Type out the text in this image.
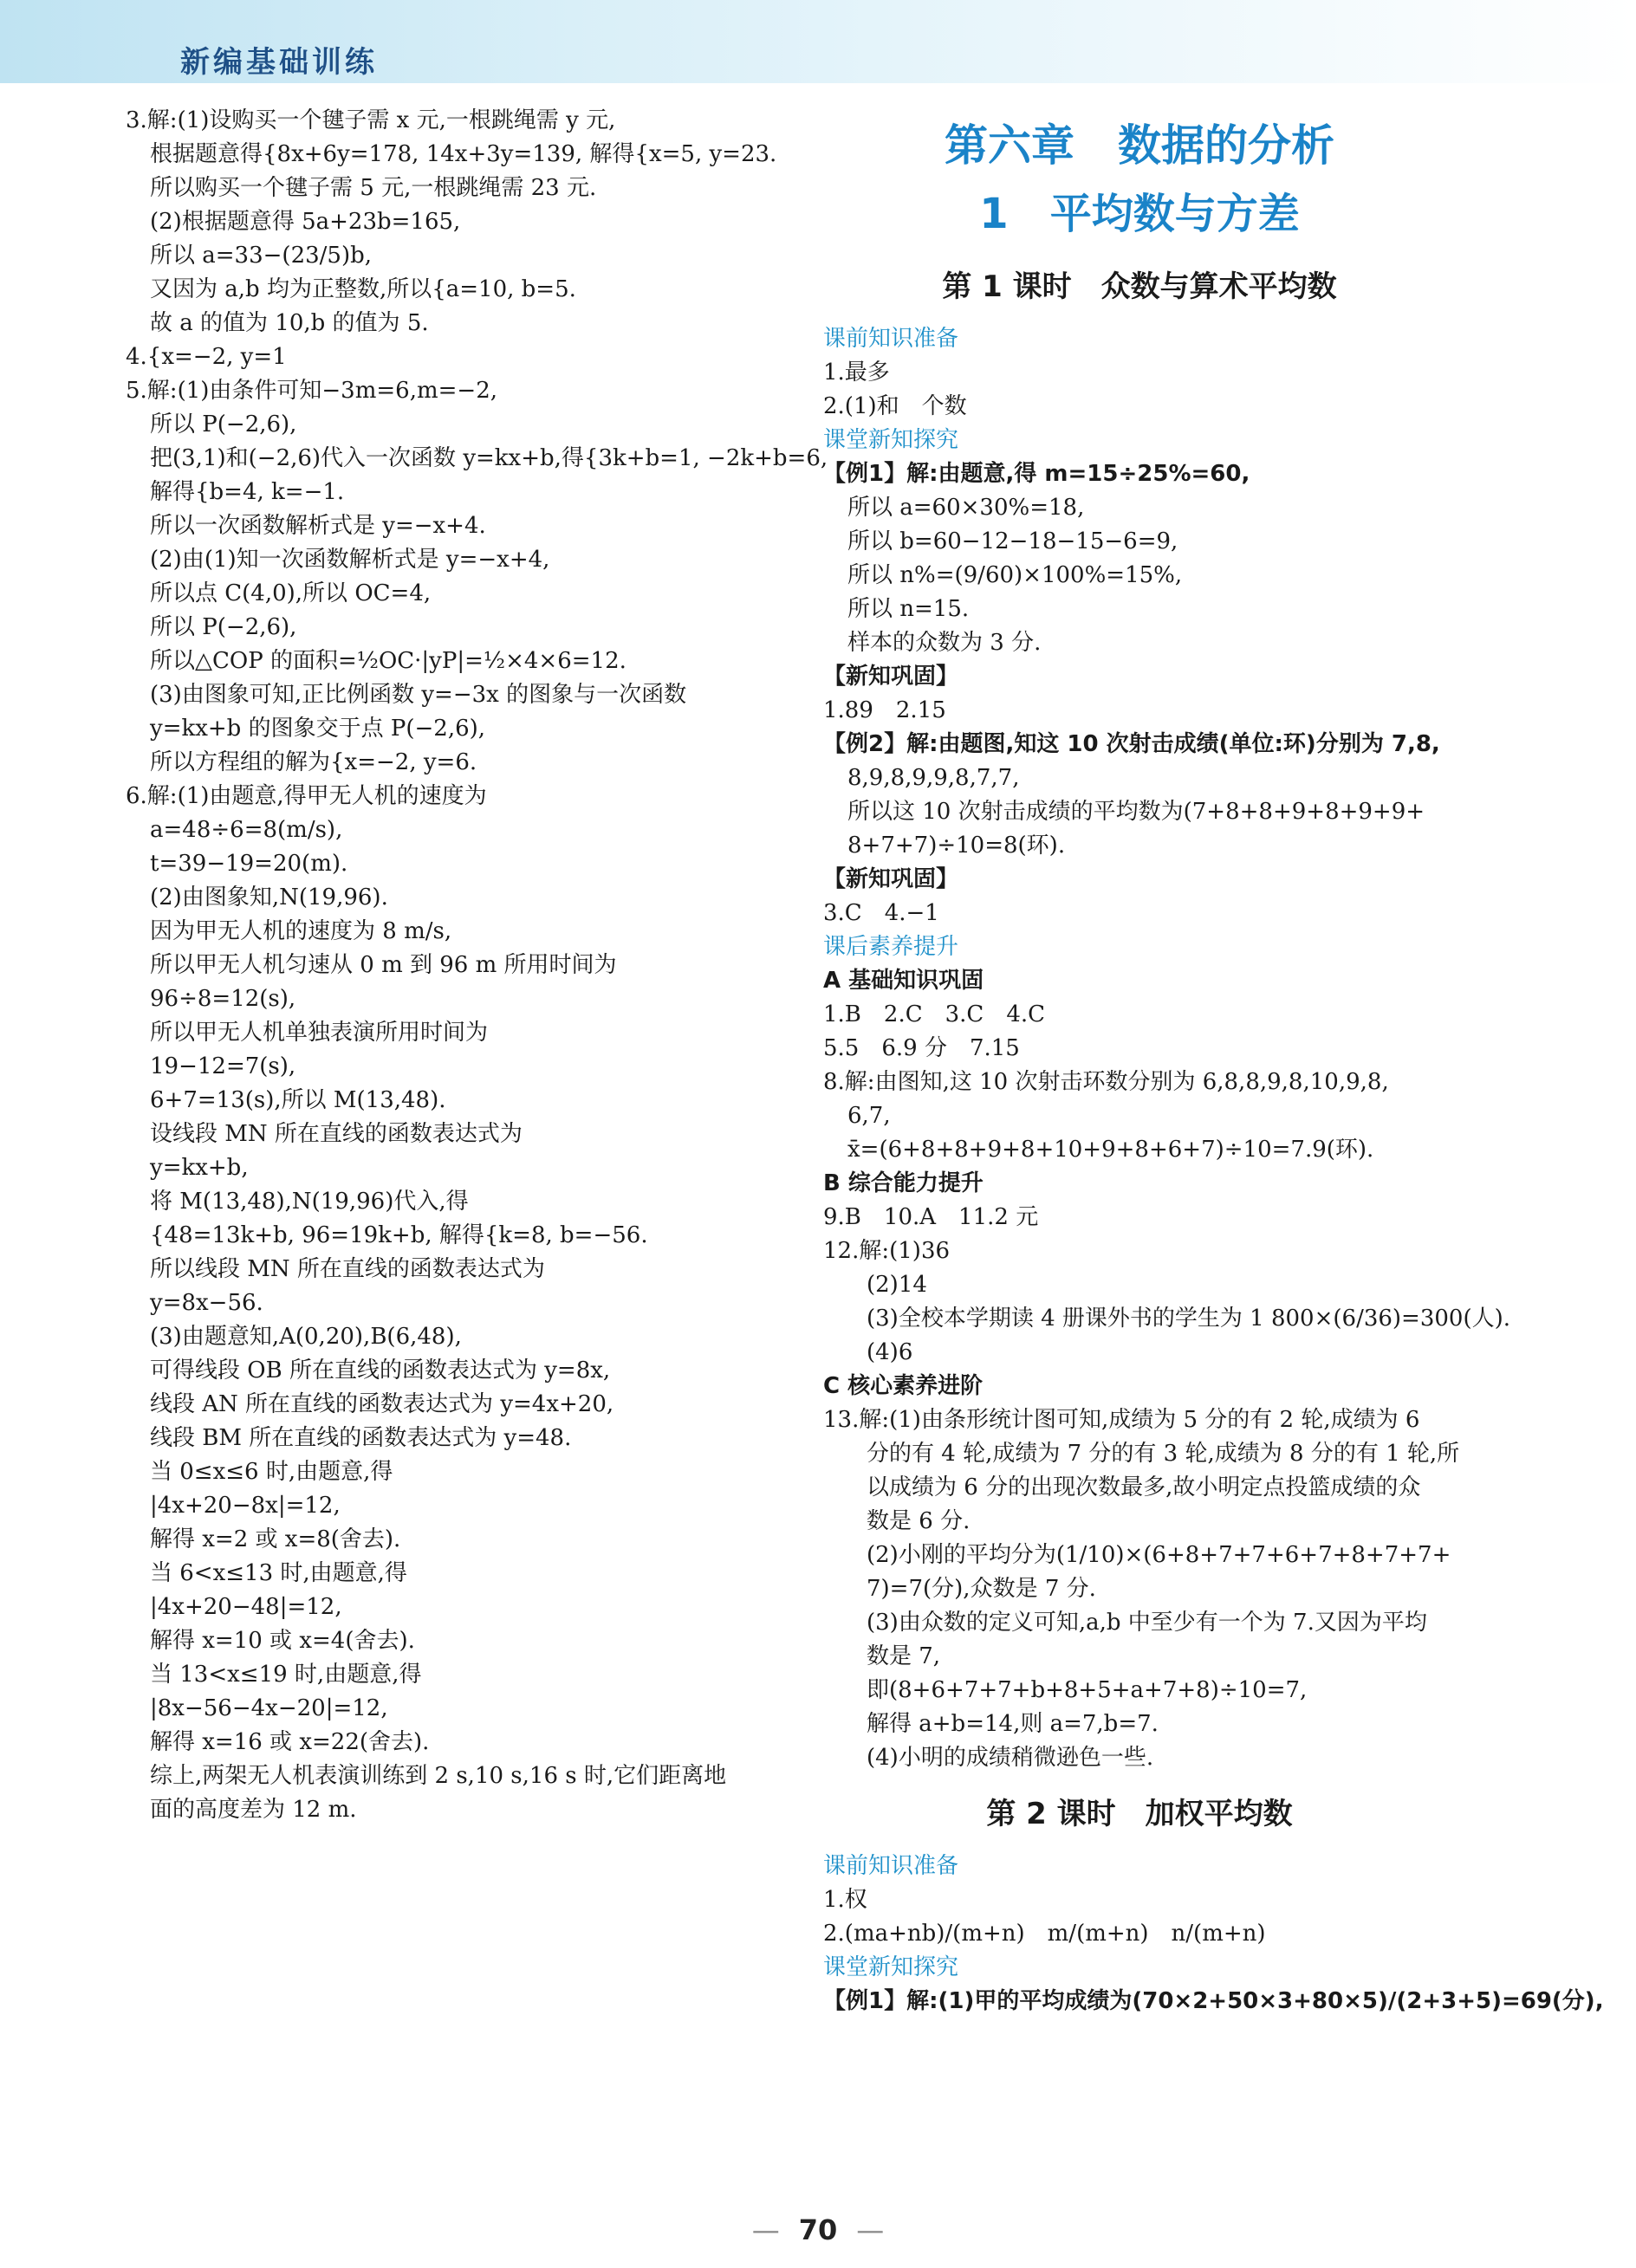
新编基础训练

3.解:(1)设购买一个毽子需 x 元,一根跳绳需 y 元,

根据题意得{8x+6y=178, 14x+3y=139, 解得{x=5, y=23.

所以购买一个毽子需 5 元,一根跳绳需 23 元.

(2)根据题意得 5a+23b=165,

所以 a=33−(23/5)b,

又因为 a,b 均为正整数,所以{a=10, b=5.

故 a 的值为 10,b 的值为 5.

4.{x=−2, y=1

5.解:(1)由条件可知−3m=6,m=−2,

所以 P(−2,6),

把(3,1)和(−2,6)代入一次函数 y=kx+b,得{3k+b=1, −2k+b=6,

解得{b=4, k=−1.

所以一次函数解析式是 y=−x+4.

(2)由(1)知一次函数解析式是 y=−x+4,

所以点 C(4,0),所以 OC=4,

所以 P(−2,6),

所以△COP 的面积=½OC·|yP|=½×4×6=12.

(3)由图象可知,正比例函数 y=−3x 的图象与一次函数

y=kx+b 的图象交于点 P(−2,6),

所以方程组的解为{x=−2, y=6.

6.解:(1)由题意,得甲无人机的速度为

a=48÷6=8(m/s),

t=39−19=20(m).

(2)由图象知,N(19,96).

因为甲无人机的速度为 8 m/s,

所以甲无人机匀速从 0 m 到 96 m 所用时间为

96÷8=12(s),

所以甲无人机单独表演所用时间为

19−12=7(s),

6+7=13(s),所以 M(13,48).

设线段 MN 所在直线的函数表达式为

y=kx+b,

将 M(13,48),N(19,96)代入,得

{48=13k+b, 96=19k+b, 解得{k=8, b=−56.

所以线段 MN 所在直线的函数表达式为

y=8x−56.

(3)由题意知,A(0,20),B(6,48),

可得线段 OB 所在直线的函数表达式为 y=8x,

线段 AN 所在直线的函数表达式为 y=4x+20,

线段 BM 所在直线的函数表达式为 y=48.

当 0≤x≤6 时,由题意,得

|4x+20−8x|=12,

解得 x=2 或 x=8(舍去).

当 6<x≤13 时,由题意,得

|4x+20−48|=12,

解得 x=10 或 x=4(舍去).

当 13<x≤19 时,由题意,得

|8x−56−4x−20|=12,

解得 x=16 或 x=22(舍去).

综上,两架无人机表演训练到 2 s,10 s,16 s 时,它们距离地

面的高度差为 12 m.

第六章　数据的分析
1　平均数与方差
第 1 课时　众数与算术平均数

课前知识准备

1.最多

2.(1)和　个数

课堂新知探究

【例1】解:由题意,得 m=15÷25%=60,

所以 a=60×30%=18,

所以 b=60−12−18−15−6=9,

所以 n%=(9/60)×100%=15%,

所以 n=15.

样本的众数为 3 分.

【新知巩固】

1.89　2.15

【例2】解:由题图,知这 10 次射击成绩(单位:环)分别为 7,8,

8,9,8,9,9,8,7,7,

所以这 10 次射击成绩的平均数为(7+8+8+9+8+9+9+

8+7+7)÷10=8(环).

【新知巩固】

3.C　4.−1

课后素养提升

A 基础知识巩固

1.B　2.C　3.C　4.C

5.5　6.9 分　7.15

8.解:由图知,这 10 次射击环数分别为 6,8,8,9,8,10,9,8,

6,7,

x̄=(6+8+8+9+8+10+9+8+6+7)÷10=7.9(环).

B 综合能力提升

9.B　10.A　11.2 元

12.解:(1)36

(2)14

(3)全校本学期读 4 册课外书的学生为 1 800×(6/36)=300(人).

(4)6

C 核心素养进阶

13.解:(1)由条形统计图可知,成绩为 5 分的有 2 轮,成绩为 6

分的有 4 轮,成绩为 7 分的有 3 轮,成绩为 8 分的有 1 轮,所

以成绩为 6 分的出现次数最多,故小明定点投篮成绩的众

数是 6 分.

(2)小刚的平均分为(1/10)×(6+8+7+7+6+7+8+7+7+

7)=7(分),众数是 7 分.

(3)由众数的定义可知,a,b 中至少有一个为 7.又因为平均

数是 7,

即(8+6+7+7+b+8+5+a+7+8)÷10=7,

解得 a+b=14,则 a=7,b=7.

(4)小明的成绩稍微逊色一些.

第 2 课时　加权平均数

课前知识准备

1.权

2.(ma+nb)/(m+n)　m/(m+n)　n/(m+n)

课堂新知探究

【例1】解:(1)甲的平均成绩为(70×2+50×3+80×5)/(2+3+5)=69(分),

— 70 —
